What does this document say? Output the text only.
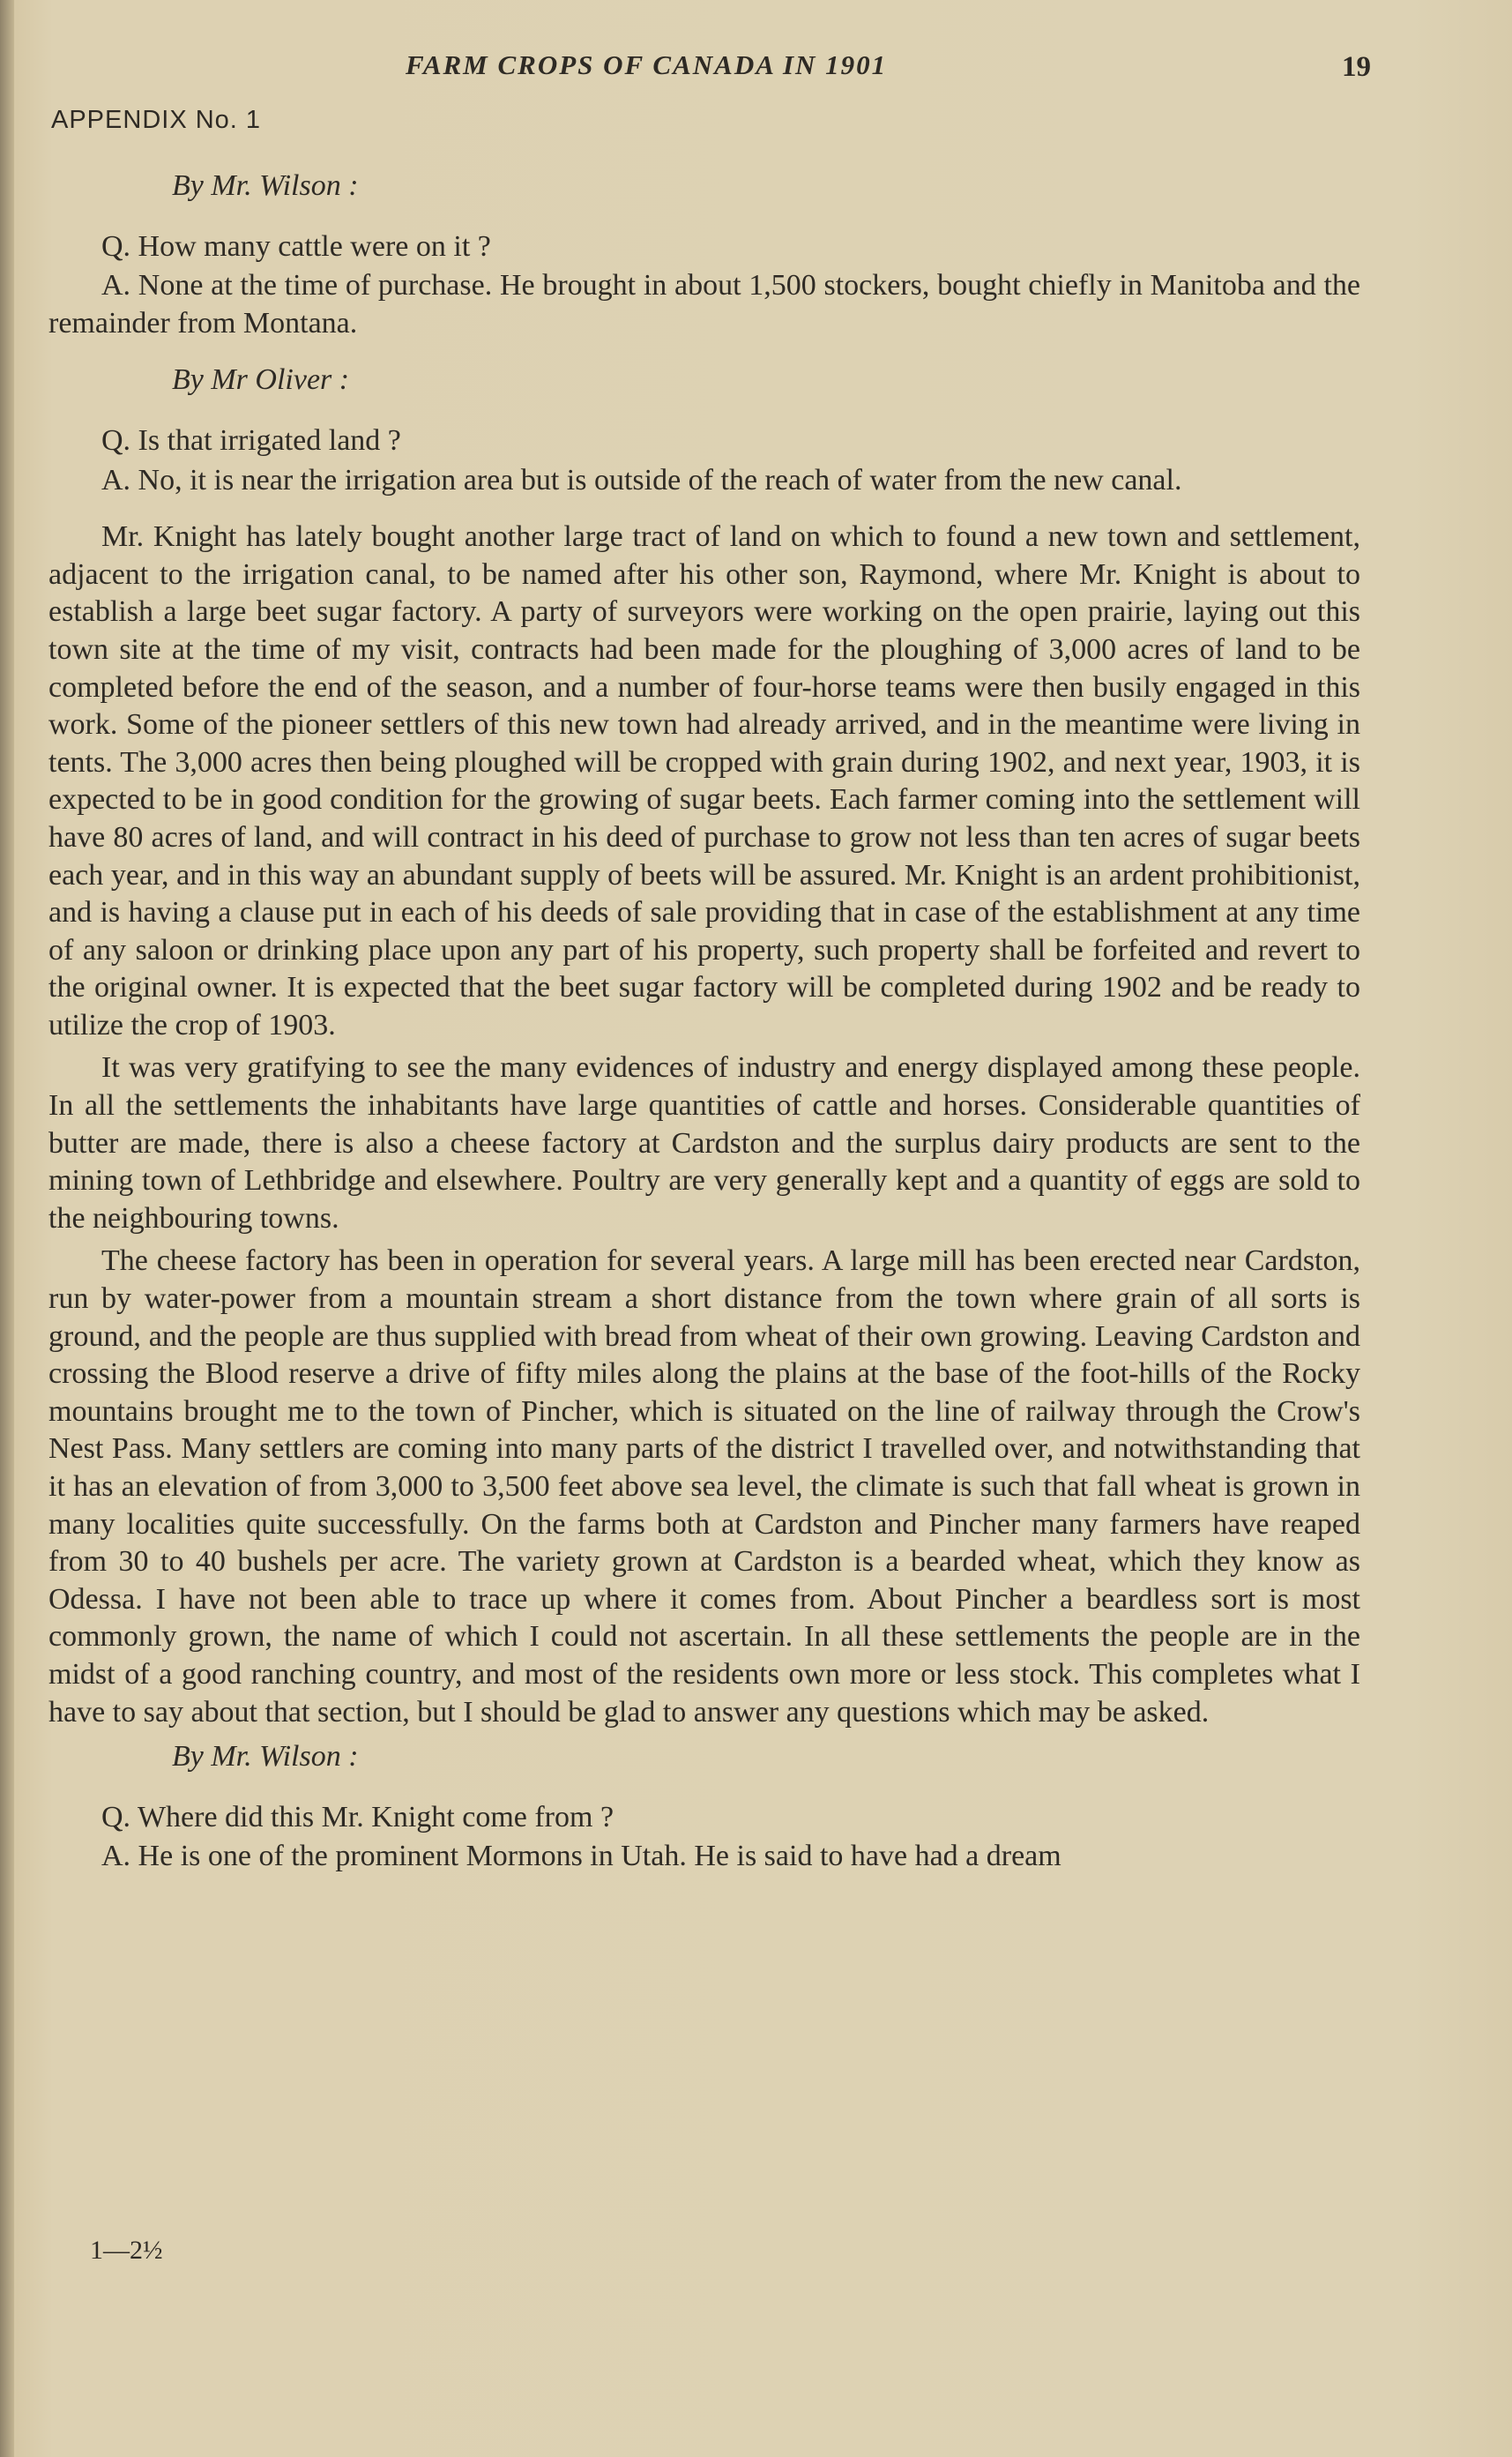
FARM CROPS OF CANADA IN 1901	19
APPENDIX No. 1

By Mr. Wilson :

Q. How many cattle were on it ?

A. None at the time of purchase. He brought in about 1,500 stockers, bought chiefly in Manitoba and the remainder from Montana.

By Mr Oliver :

Q. Is that irrigated land ?

A. No, it is near the irrigation area but is outside of the reach of water from the new canal.

Mr. Knight has lately bought another large tract of land on which to found a new town and settlement, adjacent to the irrigation canal, to be named after his other son, Raymond, where Mr. Knight is about to establish a large beet sugar factory. A party of surveyors were working on the open prairie, laying out this town site at the time of my visit, contracts had been made for the ploughing of 3,000 acres of land to be completed before the end of the season, and a number of four-horse teams were then busily engaged in this work. Some of the pioneer settlers of this new town had already arrived, and in the meantime were living in tents. The 3,000 acres then being ploughed will be cropped with grain during 1902, and next year, 1903, it is expected to be in good condition for the growing of sugar beets. Each farmer coming into the settlement will have 80 acres of land, and will contract in his deed of purchase to grow not less than ten acres of sugar beets each year, and in this way an abundant supply of beets will be assured. Mr. Knight is an ardent prohibitionist, and is having a clause put in each of his deeds of sale providing that in case of the establishment at any time of any saloon or drinking place upon any part of his property, such property shall be forfeited and revert to the original owner. It is expected that the beet sugar factory will be completed during 1902 and be ready to utilize the crop of 1903.

It was very gratifying to see the many evidences of industry and energy displayed among these people. In all the settlements the inhabitants have large quantities of cattle and horses. Considerable quantities of butter are made, there is also a cheese factory at Cardston and the surplus dairy products are sent to the mining town of Lethbridge and elsewhere. Poultry are very generally kept and a quantity of eggs are sold to the neighbouring towns.

The cheese factory has been in operation for several years. A large mill has been erected near Cardston, run by water-power from a mountain stream a short distance from the town where grain of all sorts is ground, and the people are thus supplied with bread from wheat of their own growing. Leaving Cardston and crossing the Blood reserve a drive of fifty miles along the plains at the base of the foot-hills of the Rocky mountains brought me to the town of Pincher, which is situated on the line of railway through the Crow's Nest Pass. Many settlers are coming into many parts of the district I travelled over, and notwithstanding that it has an elevation of from 3,000 to 3,500 feet above sea level, the climate is such that fall wheat is grown in many localities quite successfully. On the farms both at Cardston and Pincher many farmers have reaped from 30 to 40 bushels per acre. The variety grown at Cardston is a bearded wheat, which they know as Odessa. I have not been able to trace up where it comes from. About Pincher a beardless sort is most commonly grown, the name of which I could not ascertain. In all these settlements the people are in the midst of a good ranching country, and most of the residents own more or less stock. This completes what I have to say about that section, but I should be glad to answer any questions which may be asked.

By Mr. Wilson :

Q. Where did this Mr. Knight come from ?

A. He is one of the prominent Mormons in Utah. He is said to have had a dream

1—2½
